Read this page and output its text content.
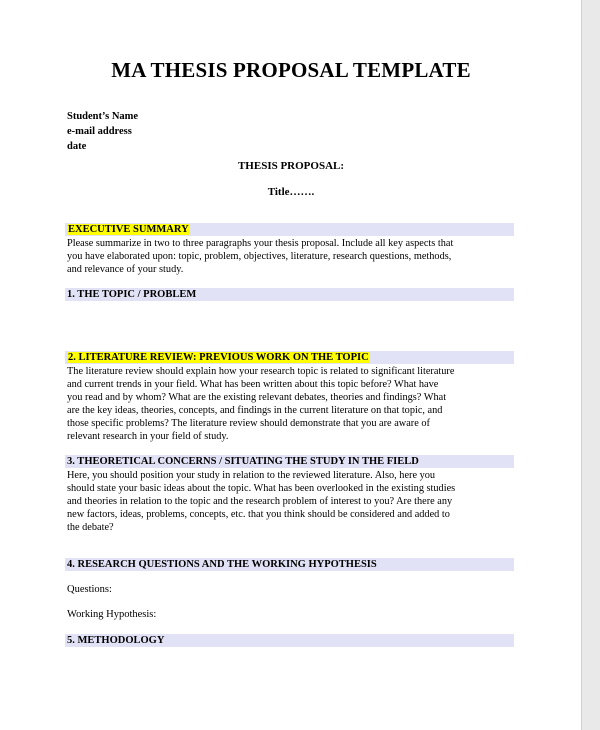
MA THESIS PROPOSAL TEMPLATE
Student’s Name
e-mail address
date
THESIS PROPOSAL:
Title…….
EXECUTIVE SUMMARY
Please summarize in two to three paragraphs your thesis proposal. Include all key aspects that
you have elaborated upon: topic, problem, objectives, literature, research questions, methods,
and relevance of your study.
1. THE TOPIC / PROBLEM
2. LITERATURE REVIEW: PREVIOUS WORK ON THE TOPIC
The literature review should explain how your research topic is related to significant literature
and current trends in your field. What has been written about this topic before? What have
you read and by whom? What are the existing relevant debates, theories and findings? What
are the key ideas, theories, concepts, and findings in the current literature on that topic, and
those specific problems? The literature review should demonstrate that you are aware of
relevant research in your field of study.
3. THEORETICAL CONCERNS / SITUATING THE STUDY IN THE FIELD
Here, you should position your study in relation to the reviewed literature. Also, here you
should state your basic ideas about the topic. What has been overlooked in the existing studies
and theories in relation to the topic and the research problem of interest to you? Are there any
new factors, ideas, problems, concepts, etc. that you think should be considered and added to
the debate?
4. RESEARCH QUESTIONS AND THE WORKING HYPOTHESIS
Questions:
Working Hypothesis:
5. METHODOLOGY
